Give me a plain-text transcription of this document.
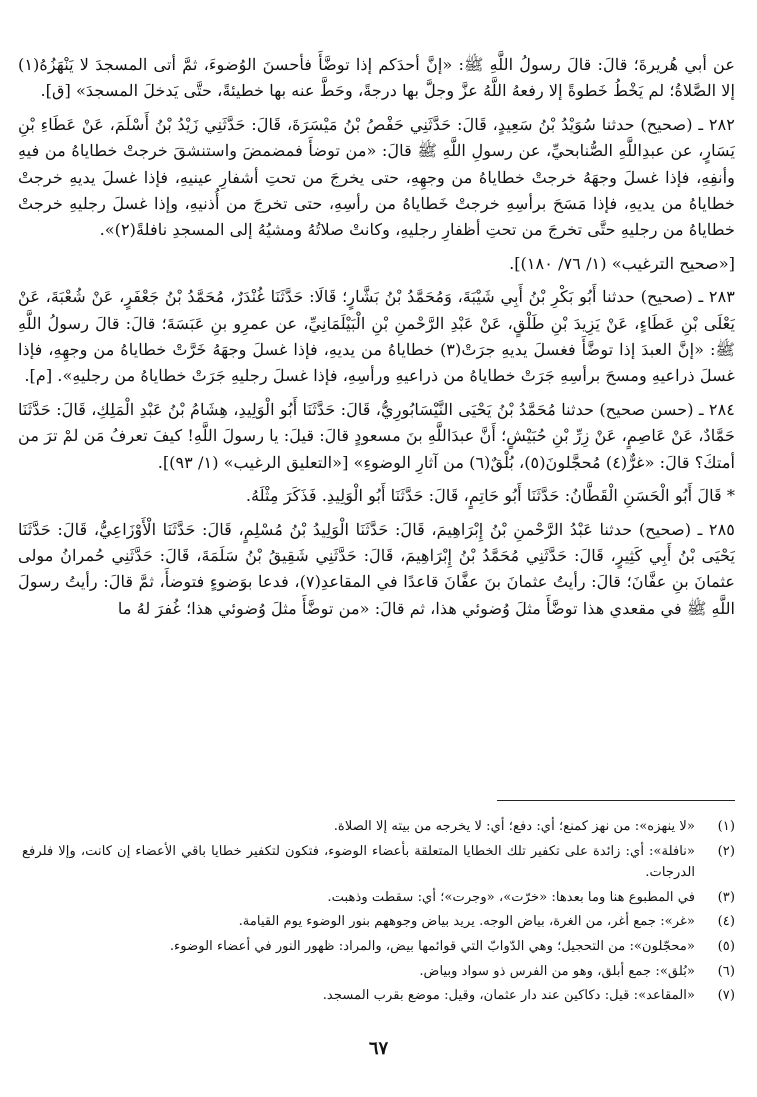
عن أبي هُريرةَ؛ قالَ: قالَ رسولُ اللَّهِ ﷺ: «إنَّ أحدَكم إذا توضَّأَ فأحسنَ الوُضوءَ، ثمَّ أتى المسجدَ لا يَنْهَزُهُ(١) إلا الصَّلاةُ؛ لم يَخْطُ خَطوةً إلا رفعهُ اللَّهُ عزَّ وجلَّ بها درجةً، وحَطَّ عنه بها خطيئةً، حتَّى يَدخلَ المسجدَ» [ق].

٢٨٢ ـ (صحيح) حدثنا سُوَيْدُ بْنُ سَعِيدٍ، قَالَ: حَدَّثَنِي حَفْصُ بْنُ مَيْسَرَةَ، قَالَ: حَدَّثَنِي زَيْدُ بْنُ أَسْلَمَ، عَنْ عَطَاءِ بْنِ يَسَارٍ، عن عبدِاللَّهِ الصُّنابحيِّ، عن رسولِ اللَّهِ ﷺ قالَ: «من توضأَ فمضمضَ واستنشقَ خرجتْ خطاياهُ من فيهِ وأنفِهِ، فإذا غسلَ وجهَهُ خرجتْ خطاياهُ من وجهِهِ، حتى يخرجَ من تحتِ أشفارِ عينيهِ، فإذا غسلَ يديهِ خرجتْ خطاياهُ من يديهِ، فإذا مَسَحَ برأسِهِ خرجتْ خَطاياهُ من رأسِهِ، حتى تخرجَ من أُذنيهِ، وإذا غسلَ رجليهِ خرجتْ خطاياهُ من رجليهِ حتَّى تخرجَ من تحتِ أظفارِ رجليهِ، وكانتْ صلاتُهُ ومشيُهُ إلى المسجدِ نافلةً(٢)».

[«صحيح الترغيب» (١/ ٧٦/ ١٨٠)].

٢٨٣ ـ (صحيح) حدثنا أَبُو بَكْرِ بْنُ أَبِي شَيْبَةَ، وَمُحَمَّدُ بْنُ بَشَّارٍ؛ قَالَا: حَدَّثَنَا غُنْدَرٌ، مُحَمَّدُ بْنُ جَعْفَرٍ، عَنْ شُعْبَةَ، عَنْ يَعْلَى بْنِ عَطَاءٍ، عَنْ يَزِيدَ بْنِ طَلْقٍ، عَنْ عَبْدِ الرَّحْمنِ بْنِ الْبَيْلَمَانِيِّ، عن عمرِو بنِ عَبَسَةَ؛ قالَ: قالَ رسولُ اللَّهِ ﷺ: «إنَّ العبدَ إذا توضَّأَ فغسلَ يديهِ جرَتْ(٣) خطاياهُ من يديهِ، فإذا غسلَ وجهَهُ خَرَّتْ خطاياهُ من وجهِهِ، فإذا غسلَ ذراعيهِ ومسحَ برأسِهِ جَرَتْ خطاياهُ من ذراعيهِ ورأسِهِ، فإذا غسلَ رجليهِ جَرَتْ خطاياهُ من رجليهِ». [م].

٢٨٤ ـ (حسن صحيح) حدثنا مُحَمَّدُ بْنُ يَحْيَى النَّيْسَابُورِيُّ، قَالَ: حَدَّثَنَا أَبُو الْوَلِيدِ، هِشَامُ بْنُ عَبْدِ الْمَلِكِ، قَالَ: حَدَّثَنَا حَمَّادٌ، عَنْ عَاصِمٍ، عَنْ زِرِّ بْنِ حُبَيْشٍ؛ أَنَّ عبدَاللَّهِ بنَ مسعودٍ قالَ: قيلَ: يا رسولَ اللَّهِ! كيفَ تعرفُ مَن لمْ ترَ من أمتكَ؟ قالَ: «غرٌّ(٤) مُحجَّلونَ(٥)، بُلْقٌ(٦) من آثارِ الوضوءِ» [«التعليق الرغيب» (١/ ٩٣)].

* قَالَ أَبُو الْحَسَنِ الْقَطَّانُ: حَدَّثَنَا أَبُو حَاتِمٍ، قَالَ: حَدَّثَنَا أَبُو الْوَلِيدِ. فَذَكَرَ مِثْلَهُ.

٢٨٥ ـ (صحيح) حدثنا عَبْدُ الرَّحْمنِ بْنُ إِبْرَاهِيمَ، قَالَ: حَدَّثَنَا الْوَلِيدُ بْنُ مُسْلِمٍ، قَالَ: حَدَّثَنَا الْأَوْزَاعِيُّ، قَالَ: حَدَّثَنَا يَحْيَى بْنُ أَبِي كَثِيرٍ، قَالَ: حَدَّثَنِي مُحَمَّدُ بْنُ إِبْرَاهِيمَ، قَالَ: حَدَّثَنِي شَقِيقُ بْنُ سَلَمَةَ، قَالَ: حَدَّثَنِي حُمرانُ مولى عثمانَ بنِ عفَّانَ؛ قالَ: رأيتُ عثمانَ بنَ عفَّانَ قاعدًا في المقاعدِ(٧)، فدعا بوَضوءٍ فتوضأَ، ثمَّ قالَ: رأيتُ رسولَ اللَّهِ ﷺ في مقعدي هذا توضَّأَ مثلَ وُضوئي هذا، ثم قالَ: «من توضَّأَ مثلَ وُضوئي هذا؛ غُفرَ لهُ ما

(١)
«لا ينهزه»: من نهز كمنع؛ أي: دفع؛ أي: لا يخرجه من بيته إلا الصلاة.
(٢)
«نافلة»: أي: زائدة على تكفير تلك الخطايا المتعلقة بأعضاء الوضوء، فتكون لتكفير خطايا باقي الأعضاء إن كانت، وإلا فلرفع الدرجات.
(٣)
في المطبوع هنا وما بعدها: «خرّت»، «وجرت»؛ أي: سقطت وذهبت.
(٤)
«غر»: جمع أغر، من الغرة، بياض الوجه. يريد بياض وجوههم بنور الوضوء يوم القيامة.
(٥)
«محجّلون»: من التحجيل؛ وهي الدّوابّ التي قوائمها بيض، والمراد: ظهور النور في أعضاء الوضوء.
(٦)
«بُلق»: جمع أبلق، وهو من الفرس ذو سواد وبياض.
(٧)
«المقاعد»: قيل: دكاكين عند دار عثمان، وقيل: موضع بقرب المسجد.
٦٧
